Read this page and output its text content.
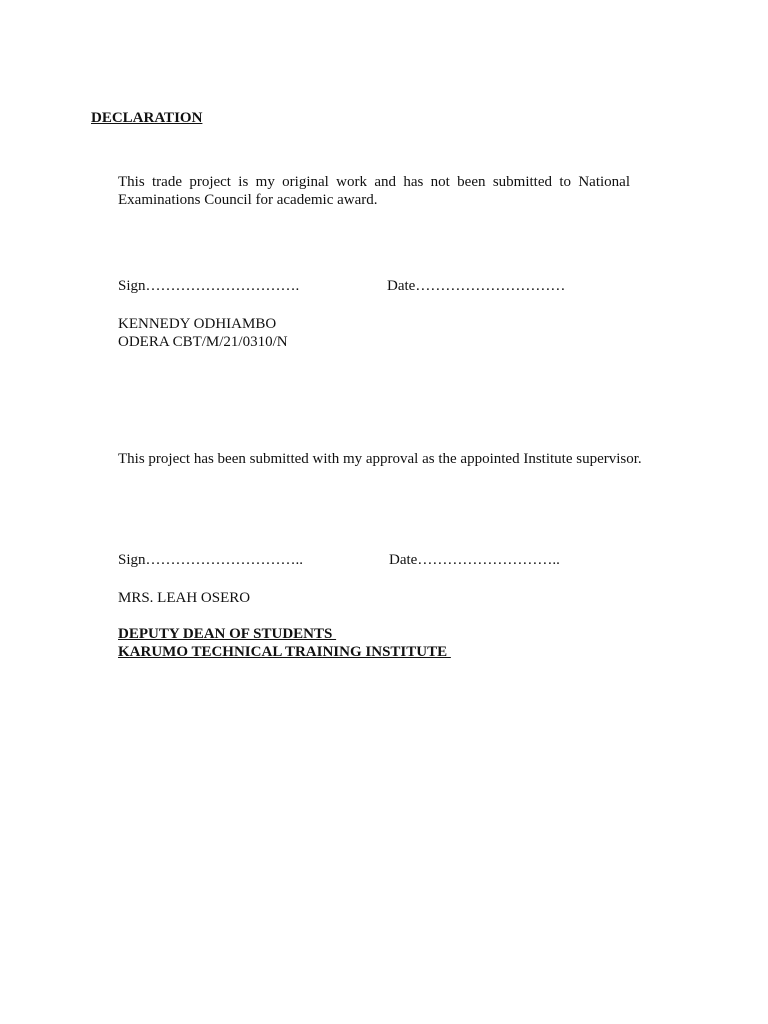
DECLARATION

This trade project is my original work and has not been submitted to National Examinations Council for academic award.

Sign………………………….	Date…………………………
KENNEDY ODHIAMBO
ODERA CBT/M/21/0310/N

This project has been submitted with my approval as the appointed Institute supervisor.

Sign…………………………..	Date………………………..

MRS. LEAH OSERO

DEPUTY DEAN OF STUDENTS
KARUMO TECHNICAL TRAINING INSTITUTE
